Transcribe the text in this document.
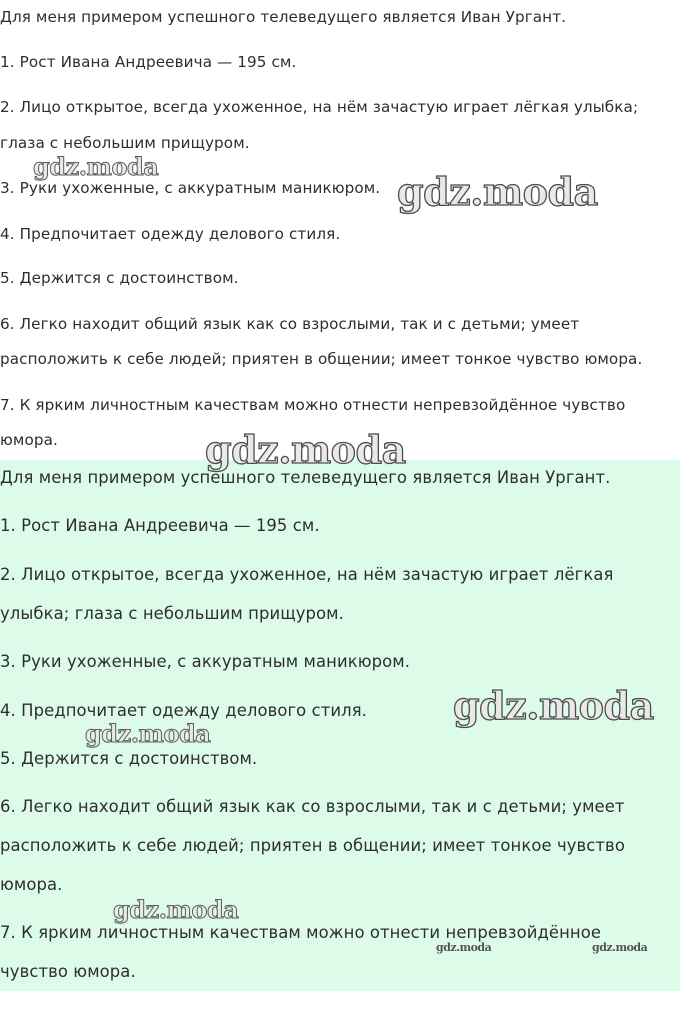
Для меня примером успешного телеведущего является Иван Ургант.

1. Рост Ивана Андреевича — 195 см.

2. Лицо открытое, всегда ухоженное, на нём зачастую играет лёгкая улыбка;

глаза с небольшим прищуром.

3. Руки ухоженные, с аккуратным маникюром.

4. Предпочитает одежду делового стиля.

5. Держится с достоинством.

6. Легко находит общий язык как со взрослыми, так и с детьми; умеет

расположить к себе людей; приятен в общении; имеет тонкое чувство юмора.

7. К ярким личностным качествам можно отнести непревзойдённое чувство

юмора.

Для меня примером успешного телеведущего является Иван Ургант.

1. Рост Ивана Андреевича — 195 см.

2. Лицо открытое, всегда ухоженное, на нём зачастую играет лёгкая

улыбка; глаза с небольшим прищуром.

3. Руки ухоженные, с аккуратным маникюром.

4. Предпочитает одежду делового стиля.

5. Держится с достоинством.

6. Легко находит общий язык как со взрослыми, так и с детьми; умеет

расположить к себе людей; приятен в общении; имеет тонкое чувство

юмора.

7. К ярким личностным качествам можно отнести непревзойдённое

чувство юмора.

gdz.moda
gdz.moda
gdz.moda
gdz.moda
gdz.moda
gdz.moda
gdz.moda	gdz.moda
